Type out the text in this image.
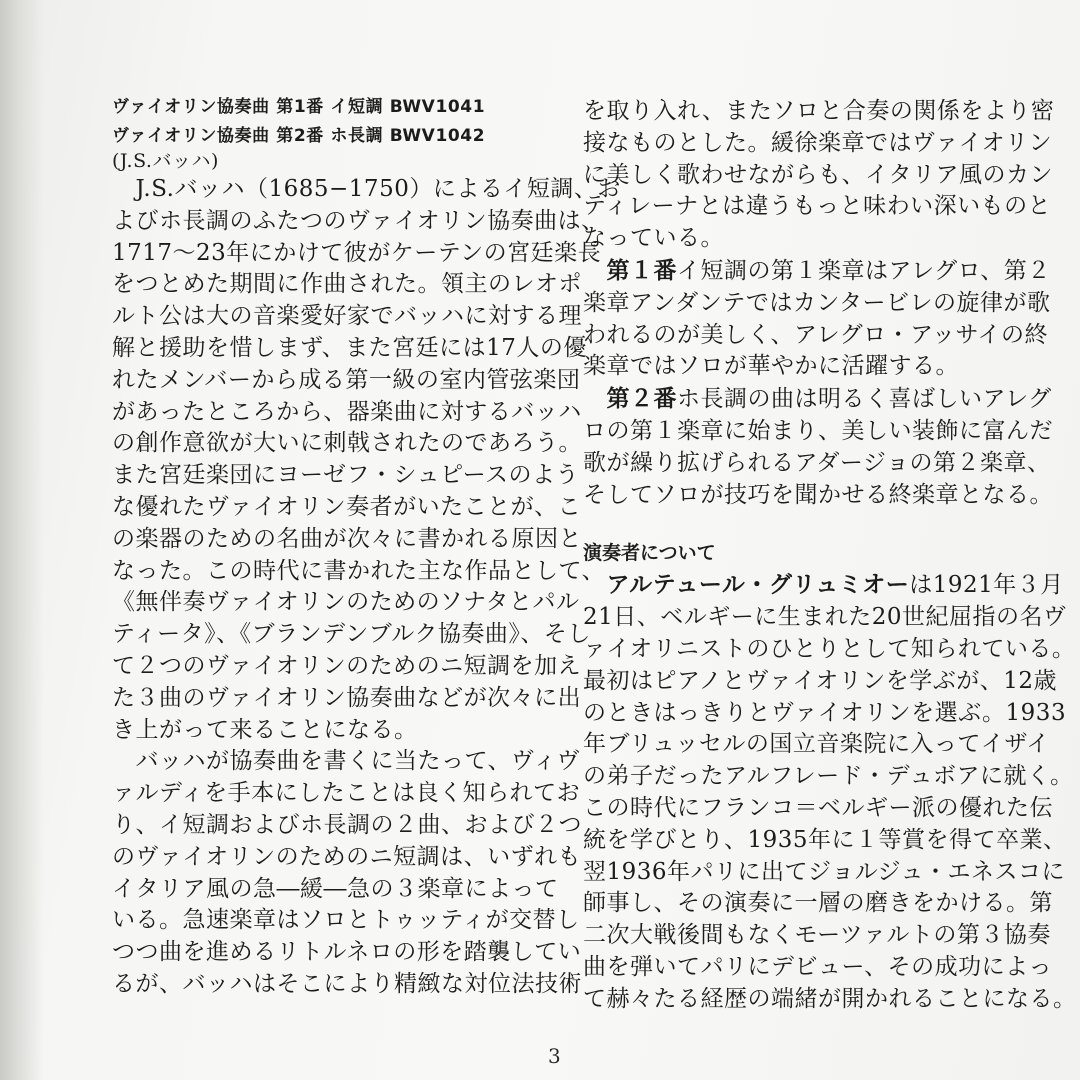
ヴァイオリン協奏曲 第1番 イ短調 BWV1041

ヴァイオリン協奏曲 第2番 ホ長調 BWV1042

(J.S.バッハ)

　J.S.バッハ（1685−1750）によるイ短調、お

よびホ長調のふたつのヴァイオリン協奏曲は、

1717〜23年にかけて彼がケーテンの宮廷楽長

をつとめた期間に作曲された。領主のレオポ

ルト公は大の音楽愛好家でバッハに対する理

解と援助を惜しまず、また宮廷には17人の優

れたメンバーから成る第一級の室内管弦楽団

があったところから、器楽曲に対するバッハ

の創作意欲が大いに刺戟されたのであろう。

また宮廷楽団にヨーゼフ・シュピースのよう

な優れたヴァイオリン奏者がいたことが、こ

の楽器のための名曲が次々に書かれる原因と

なった。この時代に書かれた主な作品として、

《無伴奏ヴァイオリンのためのソナタとパル

ティータ》、《ブランデンブルク協奏曲》、そし

て２つのヴァイオリンのためのニ短調を加え

た３曲のヴァイオリン協奏曲などが次々に出

き上がって来ることになる。

　バッハが協奏曲を書くに当たって、ヴィヴ

ァルディを手本にしたことは良く知られてお

り、イ短調およびホ長調の２曲、および２つ

のヴァイオリンのためのニ短調は、いずれも

イタリア風の急―緩―急の３楽章によって

いる。急速楽章はソロとトゥッティが交替し

つつ曲を進めるリトルネロの形を踏襲してい

るが、バッハはそこにより精緻な対位法技術

を取り入れ、またソロと合奏の関係をより密

接なものとした。緩徐楽章ではヴァイオリン

に美しく歌わせながらも、イタリア風のカン

ティレーナとは違うもっと味わい深いものと

なっている。

　第１番イ短調の第１楽章はアレグロ、第２

楽章アンダンテではカンタービレの旋律が歌

われるのが美しく、アレグロ・アッサイの終

楽章ではソロが華やかに活躍する。

　第２番ホ長調の曲は明るく喜ばしいアレグ

ロの第１楽章に始まり、美しい装飾に富んだ

歌が繰り拡げられるアダージョの第２楽章、

そしてソロが技巧を聞かせる終楽章となる。

演奏者について

　アルテュール・グリュミオーは1921年３月

21日、ベルギーに生まれた20世紀屈指の名ヴ

ァイオリニストのひとりとして知られている。

最初はピアノとヴァイオリンを学ぶが、12歳

のときはっきりとヴァイオリンを選ぶ。1933

年ブリュッセルの国立音楽院に入ってイザイ

の弟子だったアルフレード・デュボアに就く。

この時代にフランコ＝ベルギー派の優れた伝

統を学びとり、1935年に１等賞を得て卒業、

翌1936年パリに出てジョルジュ・エネスコに

師事し、その演奏に一層の磨きをかける。第

二次大戦後間もなくモーツァルトの第３協奏

曲を弾いてパリにデビュー、その成功によっ

て赫々たる経歴の端緒が開かれることになる。

3
